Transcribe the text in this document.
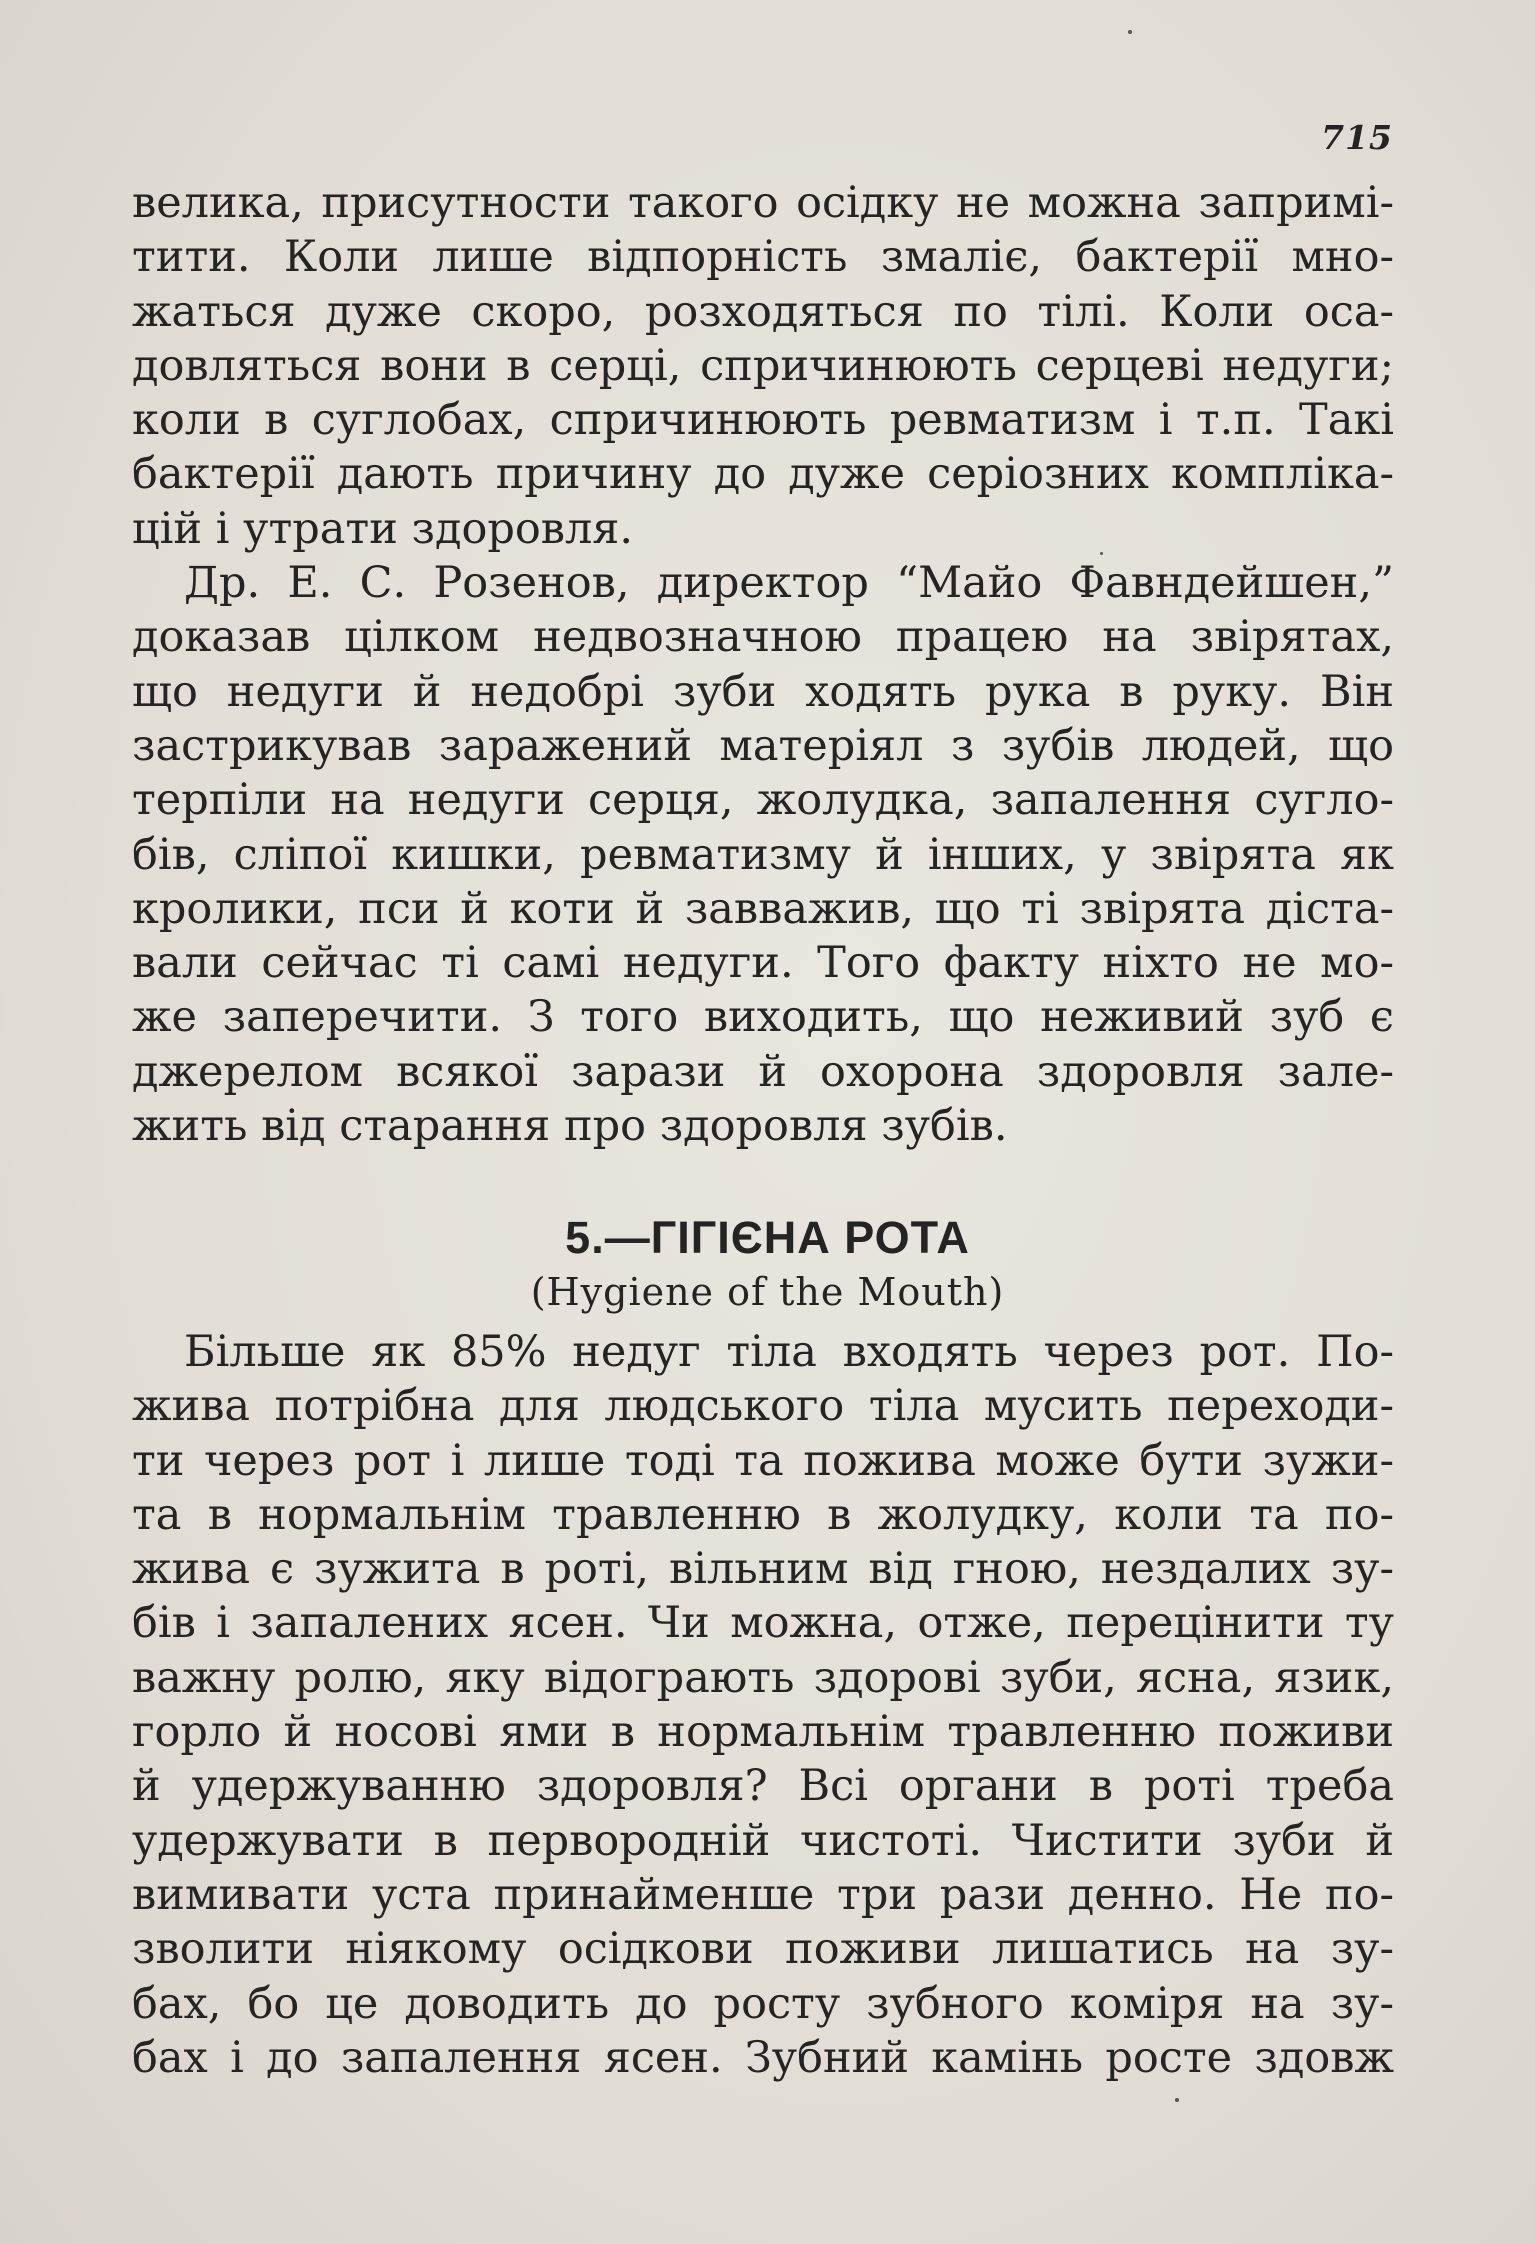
715
велика, присутности такого осідку не можна запримі-
тити. Коли лише відпорність змаліє, бактерії мно-
жаться дуже скоро, розходяться по тілі. Коли оса-
довляться вони в серці, спричинюють серцеві недуги;
коли в суглобах, спричинюють ревматизм і т.п. Такі
бактерії дають причину до дуже серіозних компліка-
цій і утрати здоровля.
Др. Е. С. Розенов, директор “Майо Фавндейшен,”
доказав цілком недвозначною працею на звірятах,
що недуги й недобрі зуби ходять рука в руку. Він
застрикував заражений матеріял з зубів людей, що
терпіли на недуги серця, жолудка, запалення сугло-
бів, сліпої кишки, ревматизму й інших, у звірята як
кролики, пси й коти й завважив, що ті звірята діста-
вали сейчас ті самі недуги. Того факту ніхто не мо-
же заперечити. З того виходить, що неживий зуб є
джерелом всякої зарази й охорона здоровля зале-
жить від старання про здоровля зубів.
5.—ГІГІЄНА РОТА
(Hygiene of the Mouth)
Більше як 85% недуг тіла входять через рот. По-
жива потрібна для людського тіла мусить переходи-
ти через рот і лише тоді та пожива може бути зужи-
та в нормальнім травленню в жолудку, коли та по-
жива є зужита в роті, вільним від гною, нездалих зу-
бів і запалених ясен. Чи можна, отже, перецінити ту
важну ролю, яку відограють здорові зуби, ясна, язик,
горло й носові ями в нормальнім травленню поживи
й удержуванню здоровля? Всі органи в роті треба
удержувати в первородній чистоті. Чистити зуби й
вимивати уста принайменше три рази денно. Не по-
зволити ніякому осідкови поживи лишатись на зу-
бах, бо це доводить до росту зубного коміря на зу-
бах і до запалення ясен. Зубний камінь росте здовж
